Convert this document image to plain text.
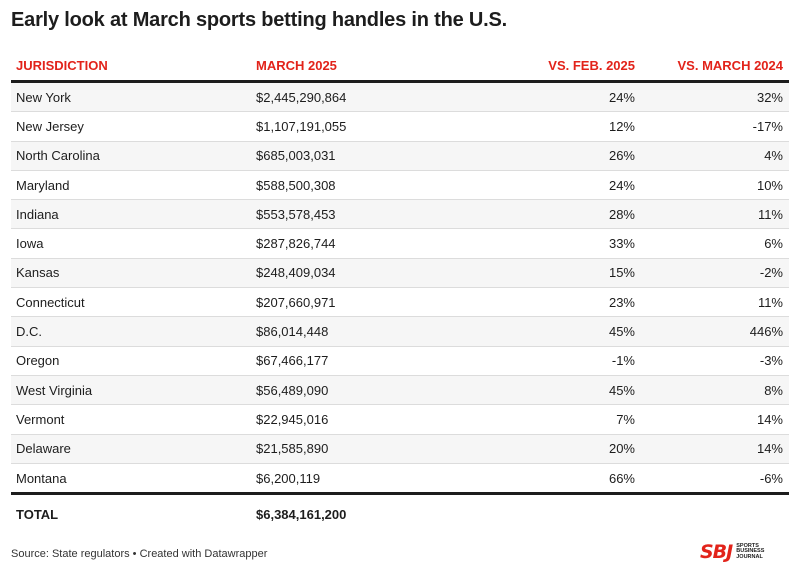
Early look at March sports betting handles in the U.S.
JURISDICTION	MARCH 2025	VS. FEB. 2025	VS. MARCH 2024
New York	$2,445,290,864	24%	32%
New Jersey	$1,107,191,055	12%	-17%
North Carolina	$685,003,031	26%	4%
Maryland	$588,500,308	24%	10%
Indiana	$553,578,453	28%	11%
Iowa	$287,826,744	33%	6%
Kansas	$248,409,034	15%	-2%
Connecticut	$207,660,971	23%	11%
D.C.	$86,014,448	45%	446%
Oregon	$67,466,177	-1%	-3%
West Virginia	$56,489,090	45%	8%
Vermont	$22,945,016	7%	14%
Delaware	$21,585,890	20%	14%
Montana	$6,200,119	66%	-6%
TOTAL	$6,384,161,200		
Source: State regulators • Created with Datawrapper	SBJ SPORTS BUSINESS JOURNAL
